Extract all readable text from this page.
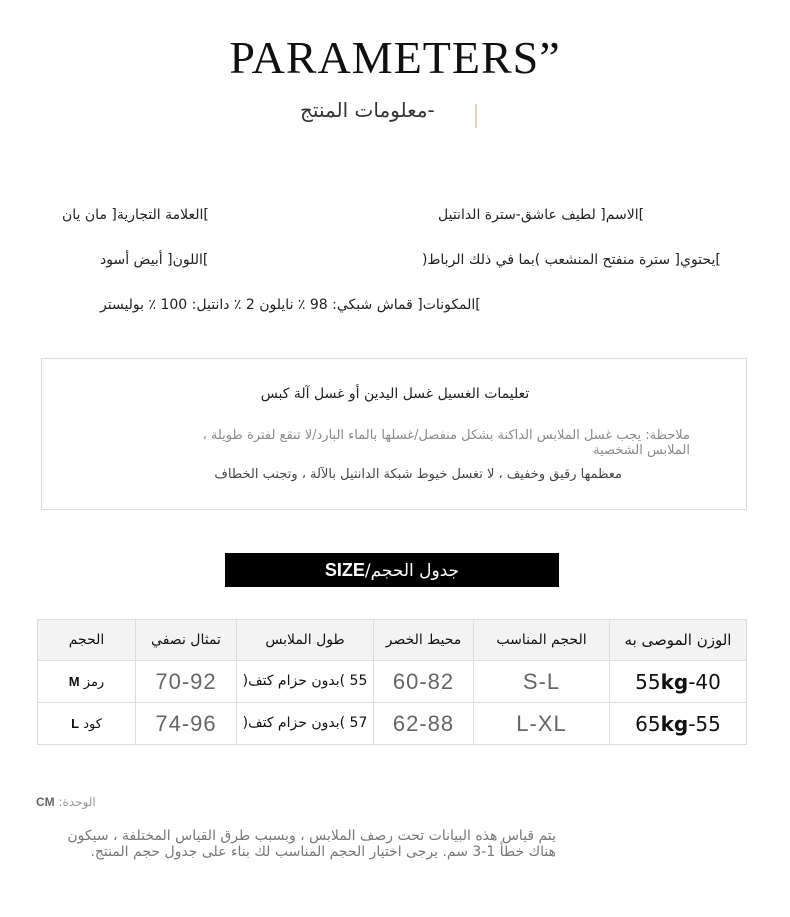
PARAMETERS”
-معلومات المنتج
]العلامة التجارية[ مان يان	]الاسم[ لطيف عاشق-سترة الدانتيل
]اللون[ أبيض أسود	]يحتوي[ سترة منفتح المنشعب )بما في ذلك الرباط(
]المكونات[ قماش شبكي: 98 ٪ نايلون 2 ٪ دانتيل: 100 ٪ بوليستر
تعليمات الغسيل غسل اليدين أو غسل آلة كبس
ملاحظة: يجب غسل الملابس الداكنة بشكل منفصل/غسلها بالماء البارد/لا تنقع لفترة طويلة ، الملابس الشخصية
معظمها رقيق وخفيف ، لا تغسل خيوط شبكة الدانتيل بالآلة ، وتجنب الخطاف
جدول الحجم/SIZE
الحجم	تمثال نصفي	طول الملابس	محيط الخصر	الحجم المناسب	الوزن الموصى به
رمز M	70-92	55 )بدون حزام كتف(	60-82	S-L	55kg-40
كود L	74-96	57 )بدون حزام كتف(	62-88	L-XL	65kg-55
الوحدة: CM
يتم قياس هذه البيانات تحت رصف الملابس ، وبسبب طرق القياس المختلفة ، سيكون هناك خطأ 1-3 سم. يرجى اختيار الحجم المناسب لك بناء على جدول حجم المنتج.
